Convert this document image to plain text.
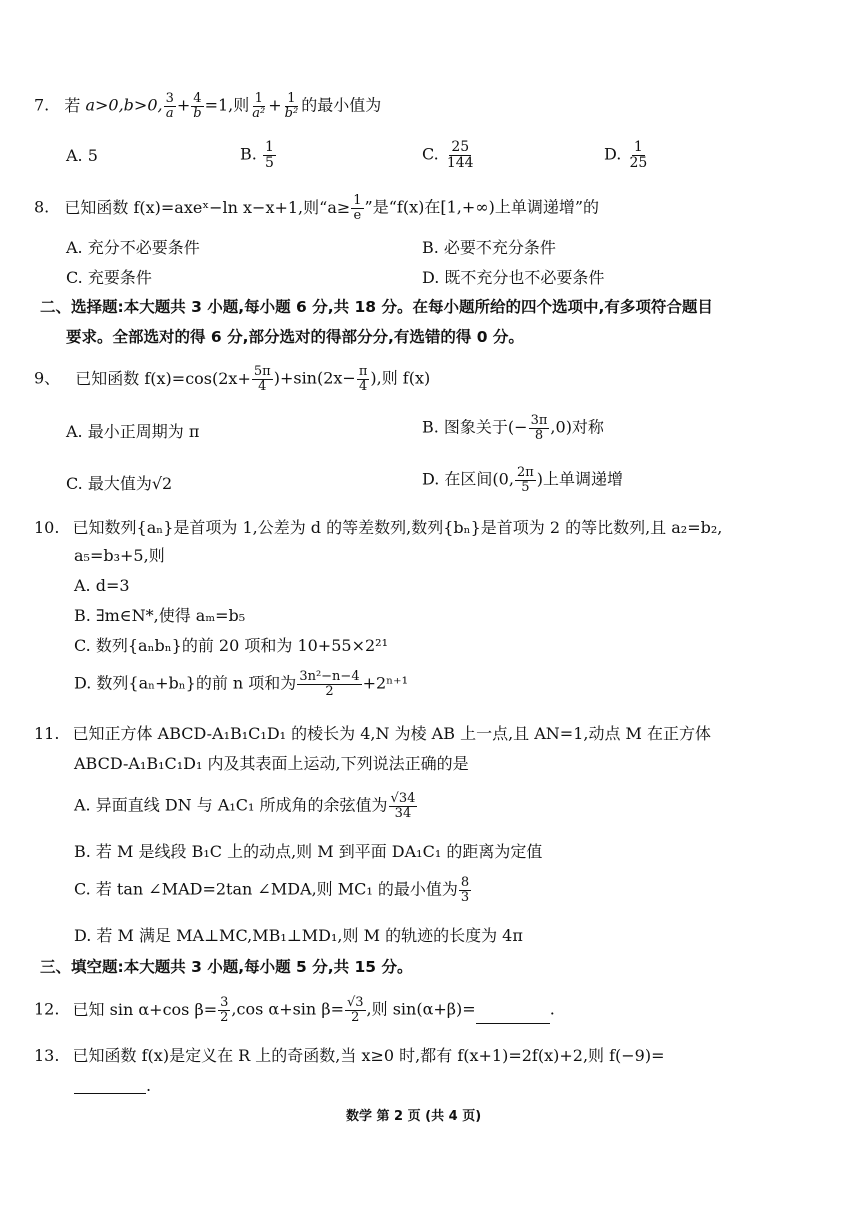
7. 若 a>0,b>0, $\frac{3}{a} + \frac{4}{b} =1$,则 $\frac{1}{\text{a²}} + \frac{1}{\text{b²}}$ 的最小值为
A. 5	B. $\frac{1}{5}$	C. $\frac{25}{144}$	D. $\frac{1}{25}$
8. 已知函数 f(x)=axeˣ−ln x−x+1,则“$a\ge \frac{1}{e}$ ”是“f(x)在[1,+∞)上单调递增”的
A. 充分不必要条件	B. 必要不充分条件
C. 充要条件	D. 既不充分也不必要条件
二、选择题:本大题共 3 小题,每小题 6 分,共 18 分。在每小题所给的四个选项中,有多项符合题目
要求。全部选对的得 6 分,部分选对的得部分分,有选错的得 0 分。
9、 已知函数 $f(x)=\cos(2x+ \frac{5\pi}{4} )+\sin(2x- \frac{\pi}{4}$ ),则 f(x)
A. 最小正周期为 π	B. 图象关于(− $\frac{3\pi}{8} ,0$)对称
C. 最大值为√2	D. 在区间(0, $\frac{2\pi}{5}$ )上单调递增
10. 已知数列{aₙ}是首项为 1,公差为 d 的等差数列,数列{bₙ}是首项为 2 的等比数列,且 a₂=b₂,
a₅=b₃+5,则
A. d=3
B. ∃m∈N*,使得 aₘ=b₅
C. 数列{aₙbₙ}的前 20 项和为 10+55×2²¹
D. 数列{aₙ+bₙ}的前 n 项和为 $\frac{\text{3n²−n−4}}{2} +2^{n+1}$
11. 已知正方体 ABCD-A₁B₁C₁D₁ 的棱长为 4,N 为棱 AB 上一点,且 AN=1,动点 M 在正方体
ABCD-A₁B₁C₁D₁ 内及其表面上运动,下列说法正确的是
A. 异面直线 DN 与 A₁C₁ 所成角的余弦值为 $\frac{√34}{34}$
B. 若 M 是线段 B₁C 上的动点,则 M 到平面 DA₁C₁ 的距离为定值
C. 若 tan ∠MAD=2tan ∠MDA,则 MC₁ 的最小值为 $\frac{8}{3}$
D. 若 M 满足 MA⊥MC,MB₁⊥MD₁,则 M 的轨迹的长度为 4π
三、填空题:本大题共 3 小题,每小题 5 分,共 15 分。
12. 已知 sin α+cos $\beta= \frac{3}{2} ,\cos$ α+sin $\beta= \frac{√3}{2}$ ,则 sin(α+β)=	.
13. 已知函数 f(x)是定义在 R 上的奇函数,当 x≥0 时,都有 f(x+1)=2f(x)+2,则 f(−9)=
.
数学 第 2 页 (共 4 页)
